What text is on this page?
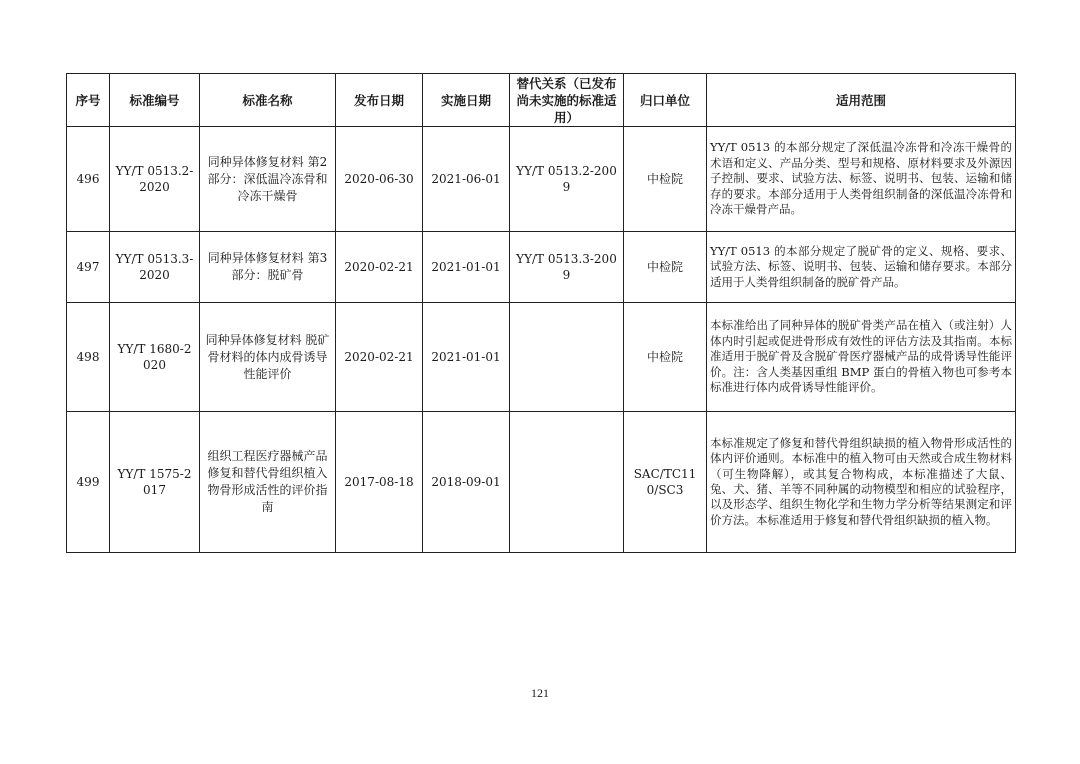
序号	标准编号	标准名称	发布日期	实施日期	替代关系（已发布尚未实施的标准适用）	归口单位	适用范围
496	YY/T 0513.2-2020	同种异体修复材料 第2部分：深低温冷冻骨和冷冻干燥骨	2020-06-30	2021-06-01	YY/T 0513.2-2009	中检院	YY/T 0513 的本部分规定了深低温冷冻骨和冷冻干燥骨的术语和定义、产品分类、型号和规格、原材料要求及外源因子控制、要求、试验方法、标签、说明书、包装、运输和储存的要求。本部分适用于人类骨组织制备的深低温冷冻骨和冷冻干燥骨产品。
497	YY/T 0513.3-2020	同种异体修复材料 第3部分：脱矿骨	2020-02-21	2021-01-01	YY/T 0513.3-2009	中检院	YY/T 0513 的本部分规定了脱矿骨的定义、规格、要求、试验方法、标签、说明书、包装、运输和储存要求。本部分适用于人类骨组织制备的脱矿骨产品。
498	YY/T 1680-2020	同种异体修复材料 脱矿骨材料的体内成骨诱导性能评价	2020-02-21	2021-01-01		中检院	本标准给出了同种异体的脱矿骨类产品在植入（或注射）人体内时引起或促进骨形成有效性的评估方法及其指南。本标准适用于脱矿骨及含脱矿骨医疗器械产品的成骨诱导性能评价。注：含人类基因重组 BMP 蛋白的骨植入物也可参考本标准进行体内成骨诱导性能评价。
499	YY/T 1575-2017	组织工程医疗器械产品 修复和替代骨组织植入物骨形成活性的评价指南	2017-08-18	2018-09-01		SAC/TC110/SC3	本标准规定了修复和替代骨组织缺损的植入物骨形成活性的体内评价通则。本标准中的植入物可由天然或合成生物材料（可生物降解），或其复合物构成，本标准描述了大鼠、兔、犬、猪、羊等不同种属的动物模型和相应的试验程序，以及形态学、组织生物化学和生物力学分析等结果测定和评价方法。本标准适用于修复和替代骨组织缺损的植入物。
121
